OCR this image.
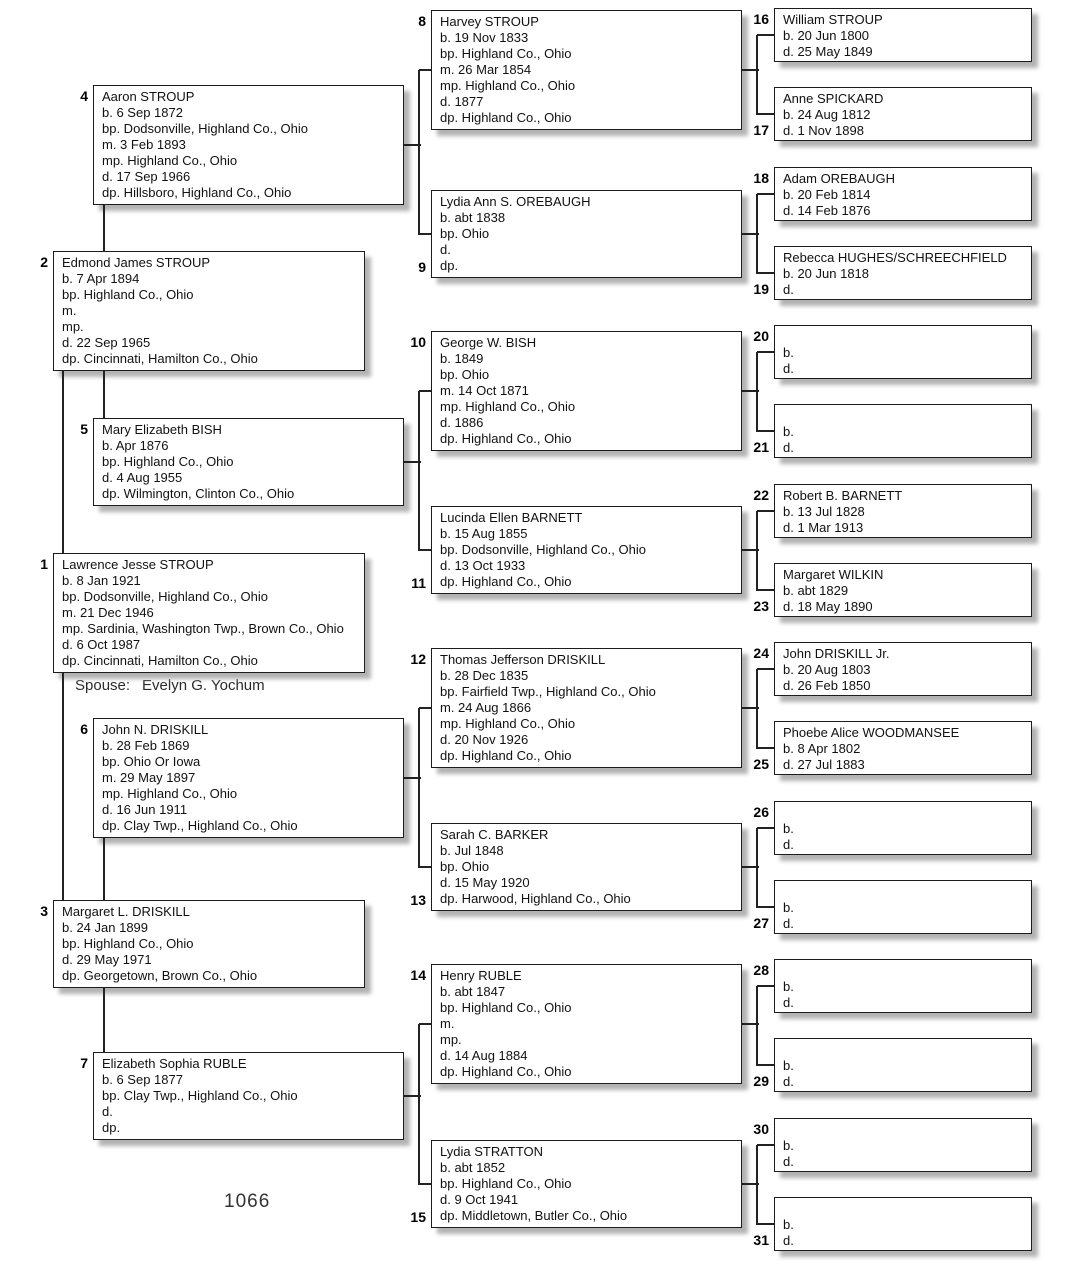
Spouse: Evelyn G. Yochum
1066
Lawrence Jesse STROUP
b. 8 Jan 1921
bp. Dodsonville, Highland Co., Ohio
m. 21 Dec 1946
mp. Sardinia, Washington Twp., Brown Co., Ohio
d. 6 Oct 1987
dp. Cincinnati, Hamilton Co., Ohio
1
Edmond James STROUP
b. 7 Apr 1894
bp. Highland Co., Ohio
m.
mp.
d. 22 Sep 1965
dp. Cincinnati, Hamilton Co., Ohio
2
Margaret L. DRISKILL
b. 24 Jan 1899
bp. Highland Co., Ohio
d. 29 May 1971
dp. Georgetown, Brown Co., Ohio
3
Aaron STROUP
b. 6 Sep 1872
bp. Dodsonville, Highland Co., Ohio
m. 3 Feb 1893
mp. Highland Co., Ohio
d. 17 Sep 1966
dp. Hillsboro, Highland Co., Ohio
4
Mary Elizabeth BISH
b. Apr 1876
bp. Highland Co., Ohio
d. 4 Aug 1955
dp. Wilmington, Clinton Co., Ohio
5
John N. DRISKILL
b. 28 Feb 1869
bp. Ohio Or Iowa
m. 29 May 1897
mp. Highland Co., Ohio
d. 16 Jun 1911
dp. Clay Twp., Highland Co., Ohio
6
Elizabeth Sophia RUBLE
b. 6 Sep 1877
bp. Clay Twp., Highland Co., Ohio
d.
dp.
7
Harvey STROUP
b. 19 Nov 1833
bp. Highland Co., Ohio
m. 26 Mar 1854
mp. Highland Co., Ohio
d. 1877
dp. Highland Co., Ohio
8
Lydia Ann S. OREBAUGH
b. abt 1838
bp. Ohio
d.
dp.
9
George W. BISH
b. 1849
bp. Ohio
m. 14 Oct 1871
mp. Highland Co., Ohio
d. 1886
dp. Highland Co., Ohio
10
Lucinda Ellen BARNETT
b. 15 Aug 1855
bp. Dodsonville, Highland Co., Ohio
d. 13 Oct 1933
dp. Highland Co., Ohio
11
Thomas Jefferson DRISKILL
b. 28 Dec 1835
bp. Fairfield Twp., Highland Co., Ohio
m. 24 Aug 1866
mp. Highland Co., Ohio
d. 20 Nov 1926
dp. Highland Co., Ohio
12
Sarah C. BARKER
b. Jul 1848
bp. Ohio
d. 15 May 1920
dp. Harwood, Highland Co., Ohio
13
Henry RUBLE
b. abt 1847
bp. Highland Co., Ohio
m.
mp.
d. 14 Aug 1884
dp. Highland Co., Ohio
14
Lydia STRATTON
b. abt 1852
bp. Highland Co., Ohio
d. 9 Oct 1941
dp. Middletown, Butler Co., Ohio
15
William STROUP
b. 20 Jun 1800
d. 25 May 1849
16
Anne SPICKARD
b. 24 Aug 1812
d. 1 Nov 1898
17
Adam OREBAUGH
b. 20 Feb 1814
d. 14 Feb 1876
18
Rebecca HUGHES/SCHREECHFIELD
b. 20 Jun 1818
d.
19
b.
d.
20
b.
d.
21
Robert B. BARNETT
b. 13 Jul 1828
d. 1 Mar 1913
22
Margaret WILKIN
b. abt 1829
d. 18 May 1890
23
John DRISKILL Jr.
b. 20 Aug 1803
d. 26 Feb 1850
24
Phoebe Alice WOODMANSEE
b. 8 Apr 1802
d. 27 Jul 1883
25
b.
d.
26
b.
d.
27
b.
d.
28
b.
d.
29
b.
d.
30
b.
d.
31
